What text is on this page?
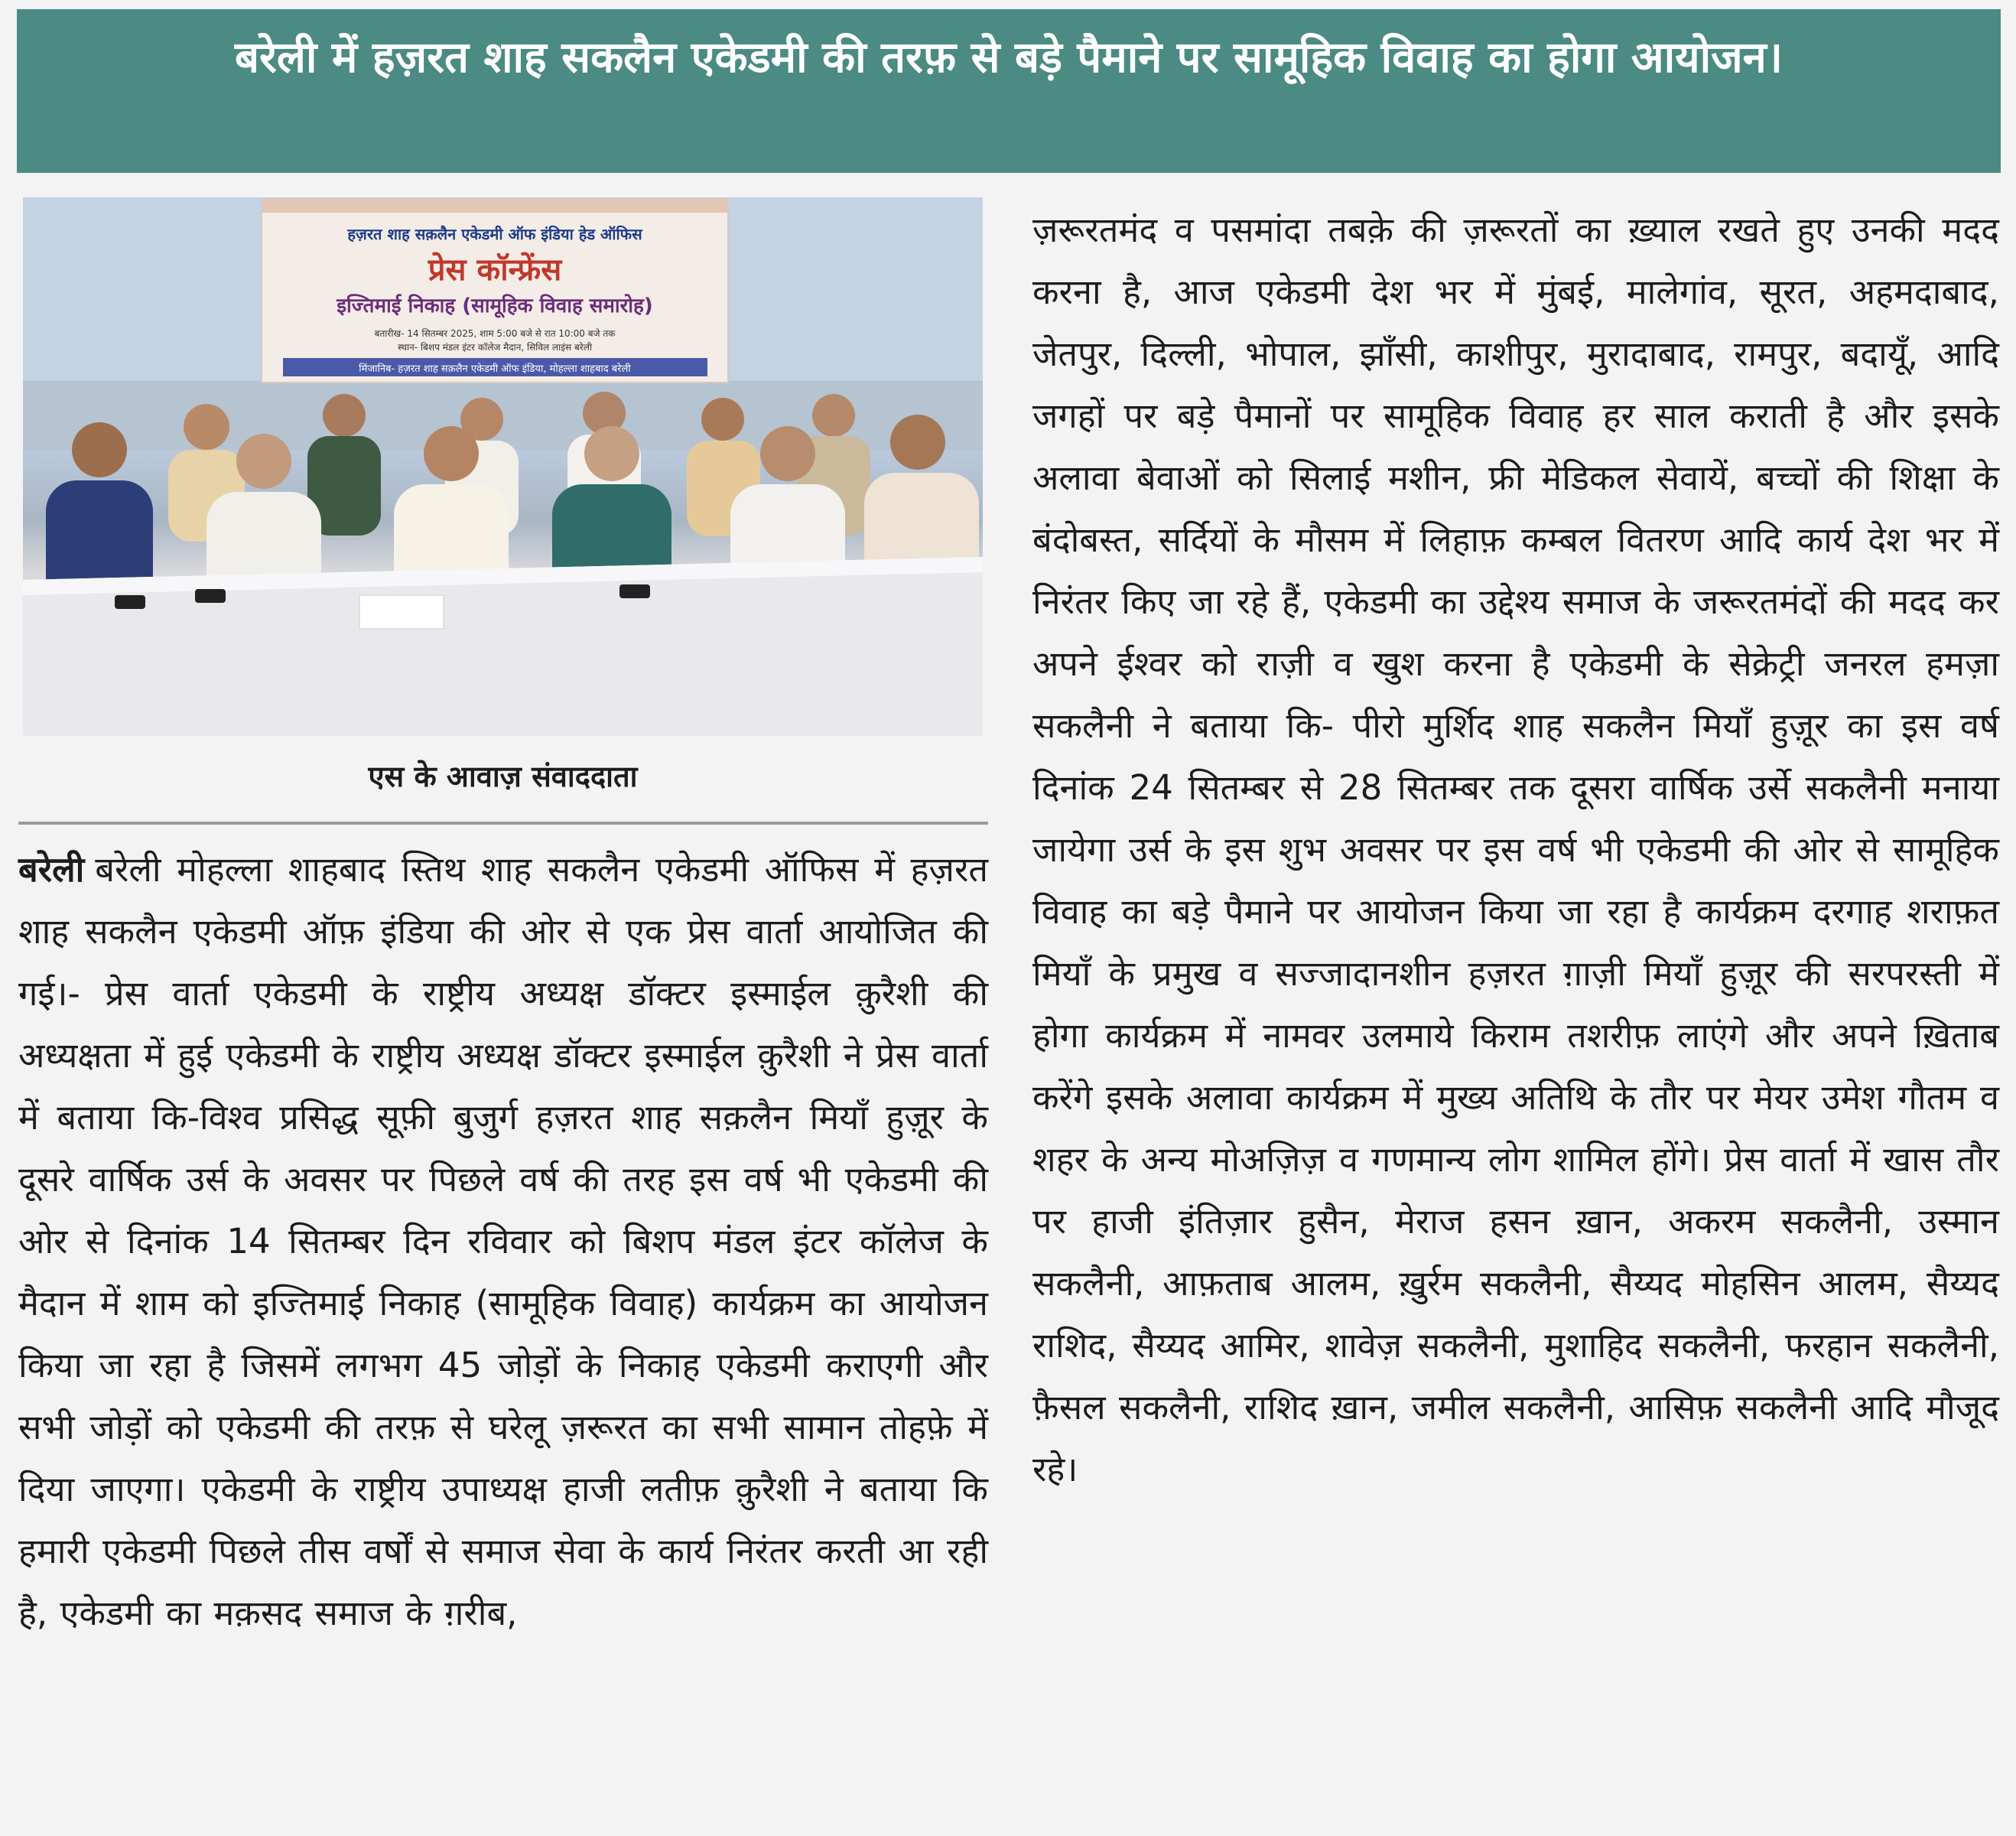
बरेली में हज़रत शाह सकलैन एकेडमी की तरफ़ से बड़े पैमाने पर सामूहिक विवाह का होगा आयोजन।
हज़रत शाह सक़लैन एकेडमी ऑफ इंडिया हेड ऑफिस
प्रेस कॉन्फ्रेंस
इज्तिमाई निकाह (सामूहिक विवाह समारोह)
बतारीख- 14 सितम्बर 2025, शाम 5:00 बजे से रात 10:00 बजे तक
स्थान- बिशप मंडल इंटर कॉलेज मैदान, सिविल लाइंस बरेली
मिंजानिब- हज़रत शाह सक़लैन एकेडमी ऑफ इंडिया, मोहल्ला शाहबाद बरेली
एस के आवाज़ संवाददाता
बरेली बरेली मोहल्ला शाहबाद स्तिथ शाह सकलैन एकेडमी ऑफिस में हज़रत शाह सकलैन एकेडमी ऑफ़ इंडिया की ओर से एक प्रेस वार्ता आयोजित की गई।- प्रेस वार्ता एकेडमी के राष्ट्रीय अध्यक्ष डॉक्टर इस्माईल क़ुरैशी की अध्यक्षता में हुई एकेडमी के राष्ट्रीय अध्यक्ष डॉक्टर इस्माईल क़ुरैशी ने प्रेस वार्ता में बताया कि-विश्व प्रसिद्ध सूफ़ी बुजुर्ग हज़रत शाह सक़लैन मियाँ हुज़ूर के दूसरे वार्षिक उर्स के अवसर पर पिछले वर्ष की तरह इस वर्ष भी एकेडमी की ओर से दिनांक 14 सितम्बर दिन रविवार को बिशप मंडल इंटर कॉलेज के मैदान में शाम को इज्तिमाई निकाह (सामूहिक विवाह) कार्यक्रम का आयोजन किया जा रहा है जिसमें लगभग 45 जोड़ों के निकाह एकेडमी कराएगी और सभी जोड़ों को एकेडमी की तरफ़ से घरेलू ज़रूरत का सभी सामान तोहफ़े में दिया जाएगा। एकेडमी के राष्ट्रीय उपाध्यक्ष हाजी लतीफ़ क़ुरैशी ने बताया कि हमारी एकेडमी पिछले तीस वर्षों से समाज सेवा के कार्य निरंतर करती आ रही है, एकेडमी का मक़सद समाज के ग़रीब,
ज़रूरतमंद व पसमांदा तबक़े की ज़रूरतों का ख़्याल रखते हुए उनकी मदद करना है, आज एकेडमी देश भर में मुंबई, मालेगांव, सूरत, अहमदाबाद, जेतपुर, दिल्ली, भोपाल, झाँसी, काशीपुर, मुरादाबाद, रामपुर, बदायूँ, आदि जगहों पर बड़े पैमानों पर सामूहिक विवाह हर साल कराती है और इसके अलावा बेवाओं को सिलाई मशीन, फ्री मेडिकल सेवायें, बच्चों की शिक्षा के बंदोबस्त, सर्दियों के मौसम में लिहाफ़ कम्बल वितरण आदि कार्य देश भर में निरंतर किए जा रहे हैं, एकेडमी का उद्देश्य समाज के जरूरतमंदों की मदद कर अपने ईश्वर को राज़ी व खुश करना है एकेडमी के सेक्रेट्री जनरल हमज़ा सकलैनी ने बताया कि- पीरो मुर्शिद शाह सकलैन मियाँ हुज़ूर का इस वर्ष दिनांक 24 सितम्बर से 28 सितम्बर तक दूसरा वार्षिक उर्से सकलैनी मनाया जायेगा उर्स के इस शुभ अवसर पर इस वर्ष भी एकेडमी की ओर से सामूहिक विवाह का बड़े पैमाने पर आयोजन किया जा रहा है कार्यक्रम दरगाह शराफ़त मियाँ के प्रमुख व सज्जादानशीन हज़रत ग़ाज़ी मियाँ हुज़ूर की सरपरस्ती में होगा कार्यक्रम में नामवर उलमाये किराम तशरीफ़ लाएंगे और अपने ख़िताब करेंगे इसके अलावा कार्यक्रम में मुख्य अतिथि के तौर पर मेयर उमेश गौतम व शहर के अन्य मोअज़िज़ व गणमान्य लोग शामिल होंगे। प्रेस वार्ता में खास तौर पर हाजी इंतिज़ार हुसैन, मेराज हसन ख़ान, अकरम सकलैनी, उस्मान सकलैनी, आफ़ताब आलम, ख़ुर्रम सकलैनी, सैय्यद मोहसिन आलम, सैय्यद राशिद, सैय्यद आमिर, शावेज़ सकलैनी, मुशाहिद सकलैनी, फरहान सकलैनी, फ़ैसल सकलैनी, राशिद ख़ान, जमील सकलैनी, आसिफ़ सकलैनी आदि मौजूद रहे।
